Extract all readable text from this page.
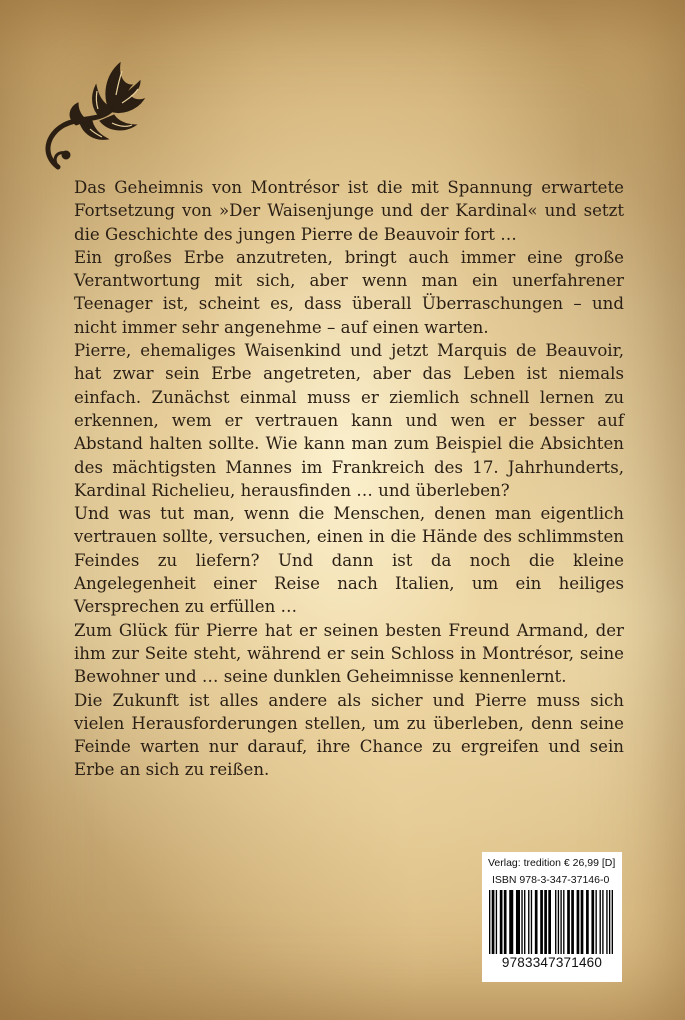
Das Geheimnis von Montrésor ist die mit Spannung erwartete Fortsetzung von »Der Waisenjunge und der Kardinal« und setzt die Geschichte des jungen Pierre de Beauvoir fort …

Ein großes Erbe anzutreten, bringt auch immer eine große Verantwortung mit sich, aber wenn man ein unerfahrener Teenager ist, scheint es, dass überall Überraschungen – und nicht immer sehr angenehme – auf einen warten.

Pierre, ehemaliges Waisenkind und jetzt Marquis de Beauvoir, hat zwar sein Erbe angetreten, aber das Leben ist niemals einfach. Zunächst einmal muss er ziemlich schnell lernen zu erkennen, wem er vertrauen kann und wen er besser auf Abstand halten sollte. Wie kann man zum Beispiel die Absichten des mächtigsten Mannes im Frankreich des 17. Jahrhunderts, Kardinal Richelieu, herausfinden … und überleben?

Und was tut man, wenn die Menschen, denen man eigentlich vertrauen sollte, versuchen, einen in die Hände des schlimmsten Feindes zu liefern? Und dann ist da noch die kleine Angelegenheit einer Reise nach Italien, um ein heiliges Versprechen zu erfüllen …

Zum Glück für Pierre hat er seinen besten Freund Armand, der ihm zur Seite steht, während er sein Schloss in Montrésor, seine Bewohner und … seine dunklen Geheimnisse kennenlernt.

Die Zukunft ist alles andere als sicher und Pierre muss sich vielen Herausforderungen stellen, um zu überleben, denn seine Feinde warten nur darauf, ihre Chance zu ergreifen und sein Erbe an sich zu reißen.

Verlag: tredition € 26,99 [D]
ISBN 978-3-347-37146-0
9783347371460
